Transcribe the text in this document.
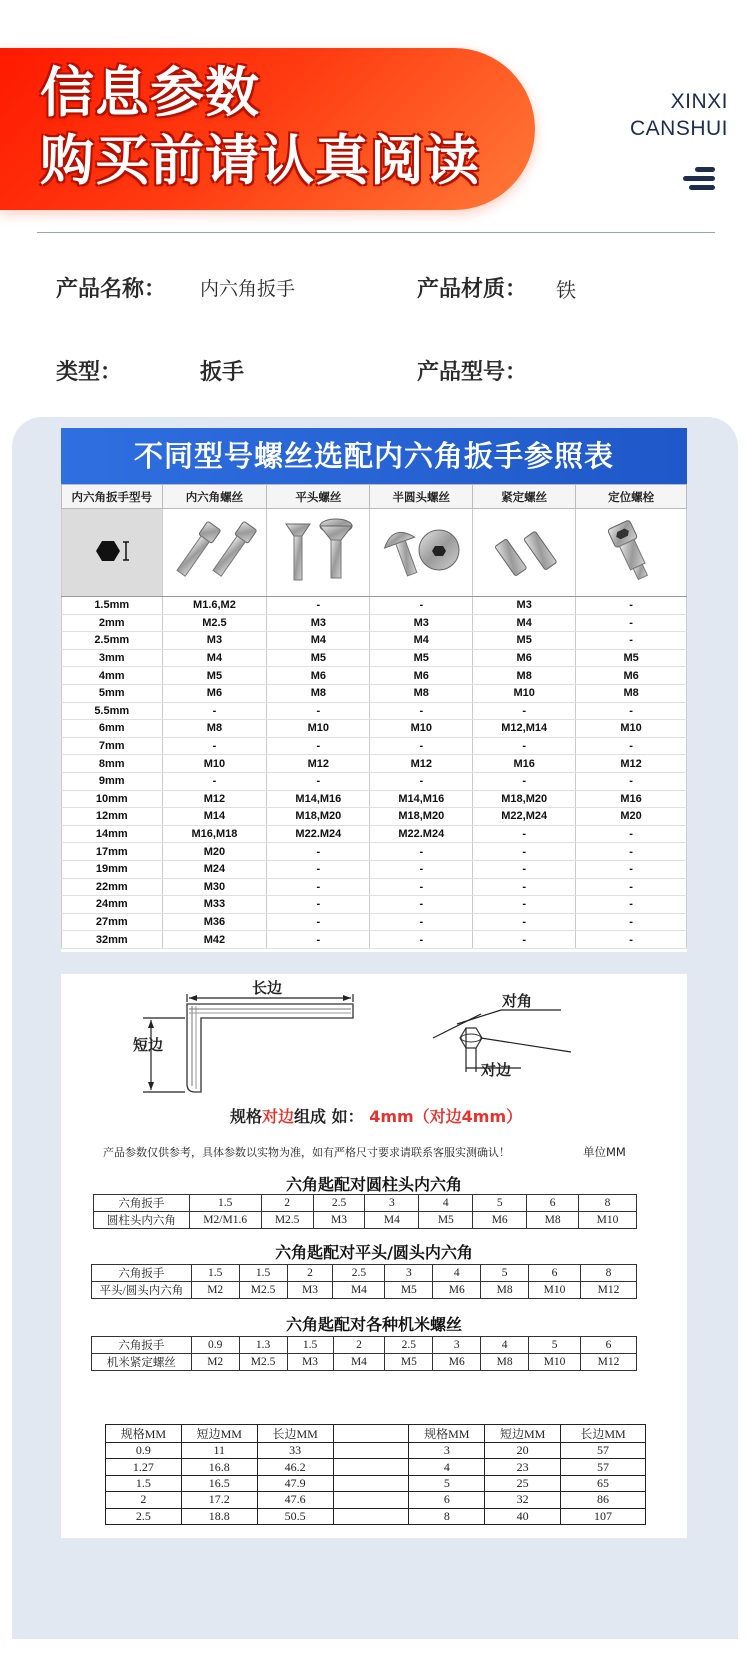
信息参数
购买前请认真阅读
XINXI
CANSHUI
产品名称： 内六角扳手	产品材质： 铁
类型：	扳手	产品型号：
不同型号螺丝选配内六角扳手参照表
内六角扳手型号	内六角螺丝	平头螺丝	半圆头螺丝	紧定螺丝	定位螺栓

1.5mm	M1.6,M2	-	-	M3	-
2mm	M2.5	M3	M3	M4	-
2.5mm	M3	M4	M4	M5	-
3mm	M4	M5	M5	M6	M5
4mm	M5	M6	M6	M8	M6
5mm	M6	M8	M8	M10	M8
5.5mm	-	-	-	-	-
6mm	M8	M10	M10	M12,M14	M10
7mm	-	-	-	-	-
8mm	M10	M12	M12	M16	M12
9mm	-	-	-	-	-
10mm	M12	M14,M16	M14,M16	M18,M20	M16
12mm	M14	M18,M20	M18,M20	M22,M24	M20
14mm	M16,M18	M22.M24	M22.M24	-	-
17mm	M20	-	-	-	-
19mm	M24	-	-	-	-
22mm	M30	-	-	-	-
24mm	M33	-	-	-	-
27mm	M36	-	-	-	-
32mm	M42	-	-	-	-
长边
短边
对角
对边
规格对边组成 如： 4mm（对边4mm）
产品参数仅供参考，具体参数以实物为准，如有严格尺寸要求请联系客服实测确认！	单位MM
六角匙配对圆柱头内六角
六角扳手	1.5	2	2.5	3	4	5	6	8
圆柱头内六角	M2/M1.6	M2.5	M3	M4	M5	M6	M8	M10
六角匙配对平头/圆头内六角
六角扳手	1.5	1.5	2	2.5	3	4	5	6	8
平头/圆头内六角	M2	M2.5	M3	M4	M5	M6	M8	M10	M12
六角匙配对各种机米螺丝
六角扳手	0.9	1.3	1.5	2	2.5	3	4	5	6
机米紧定螺丝	M2	M2.5	M3	M4	M5	M6	M8	M10	M12
规格MM	短边MM	长边MM		规格MM	短边MM	长边MM
0.9	11	33		3	20	57
1.27	16.8	46.2		4	23	57
1.5	16.5	47.9		5	25	65
2	17.2	47.6		6	32	86
2.5	18.8	50.5		8	40	107
